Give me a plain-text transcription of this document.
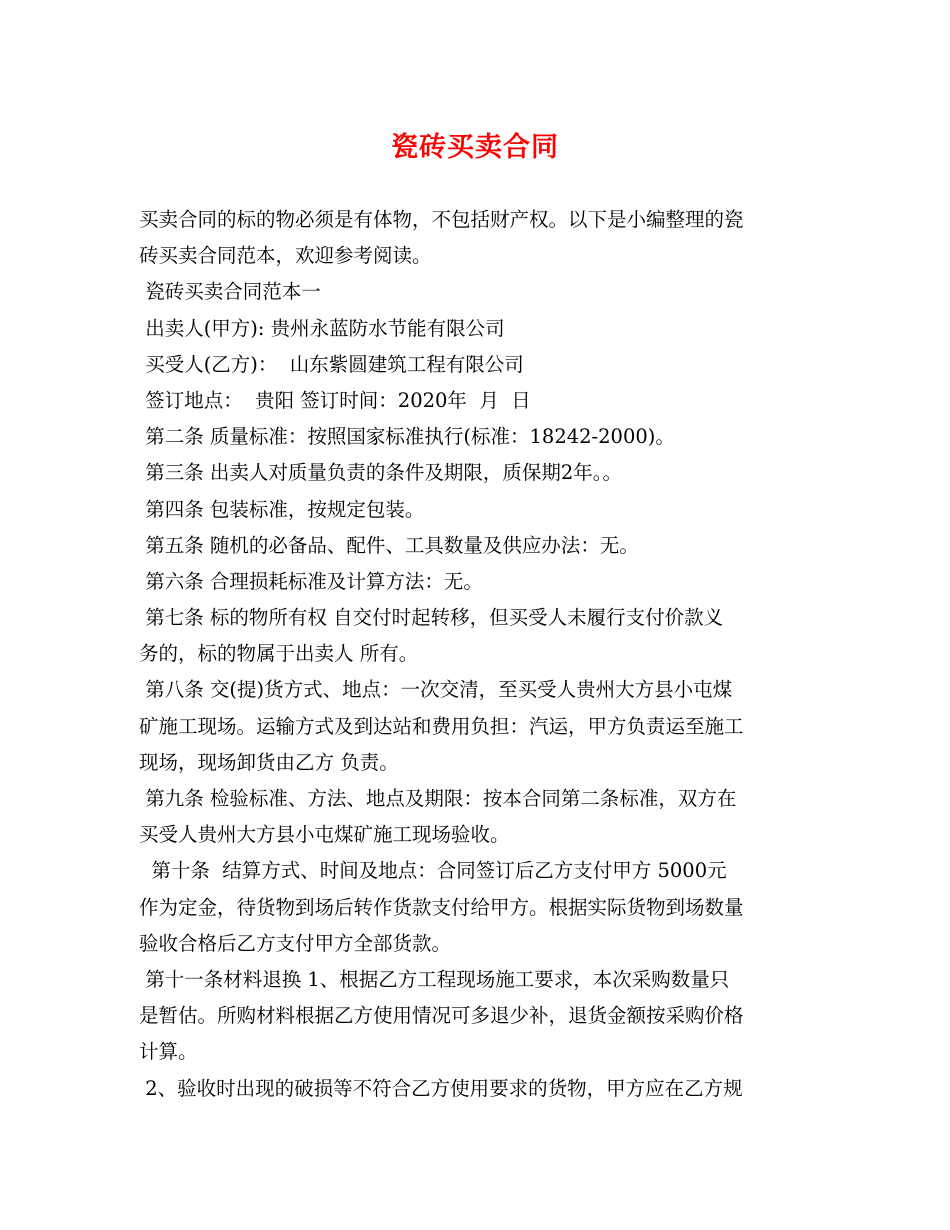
瓷砖买卖合同
买卖合同的标的物必须是有体物，不包括财产权。以下是小编整理的瓷
砖买卖合同范本，欢迎参考阅读。
瓷砖买卖合同范本一
出卖人(甲方): 贵州永蓝防水节能有限公司
买受人(乙方)：  山东紫圆建筑工程有限公司
签订地点：  贵阳 签订时间：2020年  月  日
第二条 质量标准：按照国家标准执行(标准：18242-2000)。
第三条 出卖人对质量负责的条件及期限，质保期2年。。
第四条 包装标准，按规定包装。
第五条 随机的必备品、配件、工具数量及供应办法：无。
第六条 合理损耗标准及计算方法：无。
第七条 标的物所有权 自交付时起转移，但买受人未履行支付价款义
务的，标的物属于出卖人 所有。
第八条 交(提)货方式、地点：一次交清，至买受人贵州大方县小屯煤
矿施工现场。运输方式及到达站和费用负担：汽运，甲方负责运至施工
现场，现场卸货由乙方 负责。
第九条 检验标准、方法、地点及期限：按本合同第二条标准，双方在
买受人贵州大方县小屯煤矿施工现场验收。
第十条  结算方式、时间及地点：合同签订后乙方支付甲方 5000元
作为定金，待货物到场后转作货款支付给甲方。根据实际货物到场数量
验收合格后乙方支付甲方全部货款。
第十一条材料退换 1、根据乙方工程现场施工要求，本次采购数量只
是暂估。所购材料根据乙方使用情况可多退少补，退货金额按采购价格
计算。
2、验收时出现的破损等不符合乙方使用要求的货物，甲方应在乙方规
